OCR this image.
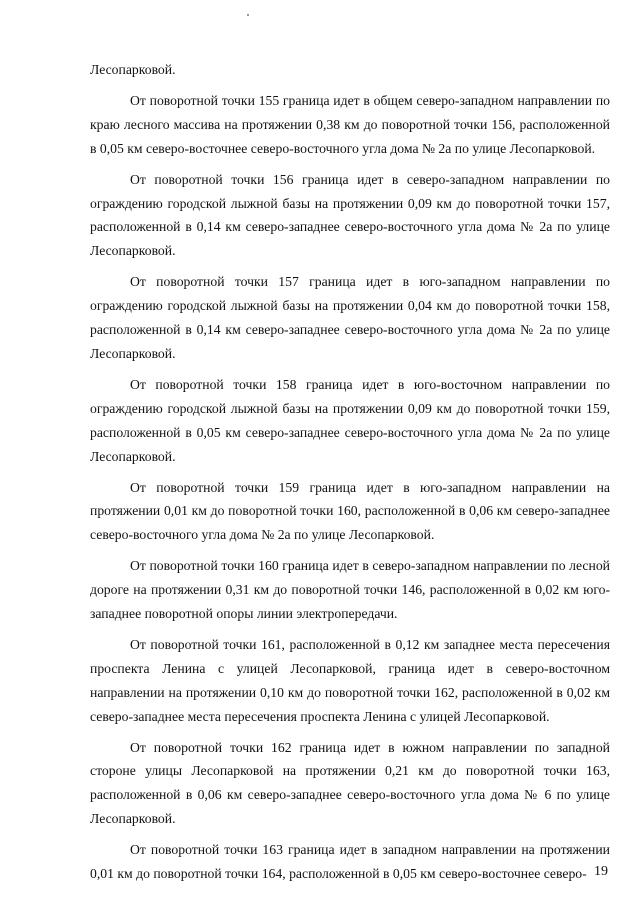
Лесопарковой.

От поворотной точки 155 граница идет в общем северо-западном направлении по краю лесного массива на протяжении 0,38 км до поворотной точки 156, расположенной в 0,05 км северо-восточнее северо-восточного угла дома № 2а по улице Лесопарковой.

От поворотной точки 156 граница идет в северо-западном направлении по ограждению городской лыжной базы на протяжении 0,09 км до поворотной точки 157, расположенной в 0,14 км северо-западнее северо-восточного угла дома № 2а по улице Лесопарковой.

От поворотной точки 157 граница идет в юго-западном направлении по ограждению городской лыжной базы на протяжении 0,04 км до поворотной точки 158, расположенной в 0,14 км северо-западнее северо-восточного угла дома № 2а по улице Лесопарковой.

От поворотной точки 158 граница идет в юго-восточном направлении по ограждению городской лыжной базы на протяжении 0,09 км до поворотной точки 159, расположенной в 0,05 км северо-западнее северо-восточного угла дома № 2а по улице Лесопарковой.

От поворотной точки 159 граница идет в юго-западном направлении на протяжении 0,01 км до поворотной точки 160, расположенной в 0,06 км северо-западнее северо-восточного угла дома № 2а по улице Лесопарковой.

От поворотной точки 160 граница идет в северо-западном направлении по лесной дороге на протяжении 0,31 км до поворотной точки 146, расположенной в 0,02 км юго-западнее поворотной опоры линии электропередачи.

От поворотной точки 161, расположенной в 0,12 км западнее места пересечения проспекта Ленина с улицей Лесопарковой, граница идет в северо-восточном направлении на протяжении 0,10 км до поворотной точки 162, расположенной в 0,02 км северо-западнее места пересечения проспекта Ленина с улицей Лесопарковой.

От поворотной точки 162 граница идет в южном направлении по западной стороне улицы Лесопарковой на протяжении 0,21 км до поворотной точки 163, расположенной в 0,06 км северо-западнее северо-восточного угла дома № 6 по улице Лесопарковой.

От поворотной точки 163 граница идет в западном направлении на протяжении 0,01 км до поворотной точки 164, расположенной в 0,05 км северо-восточнее северо- 19
